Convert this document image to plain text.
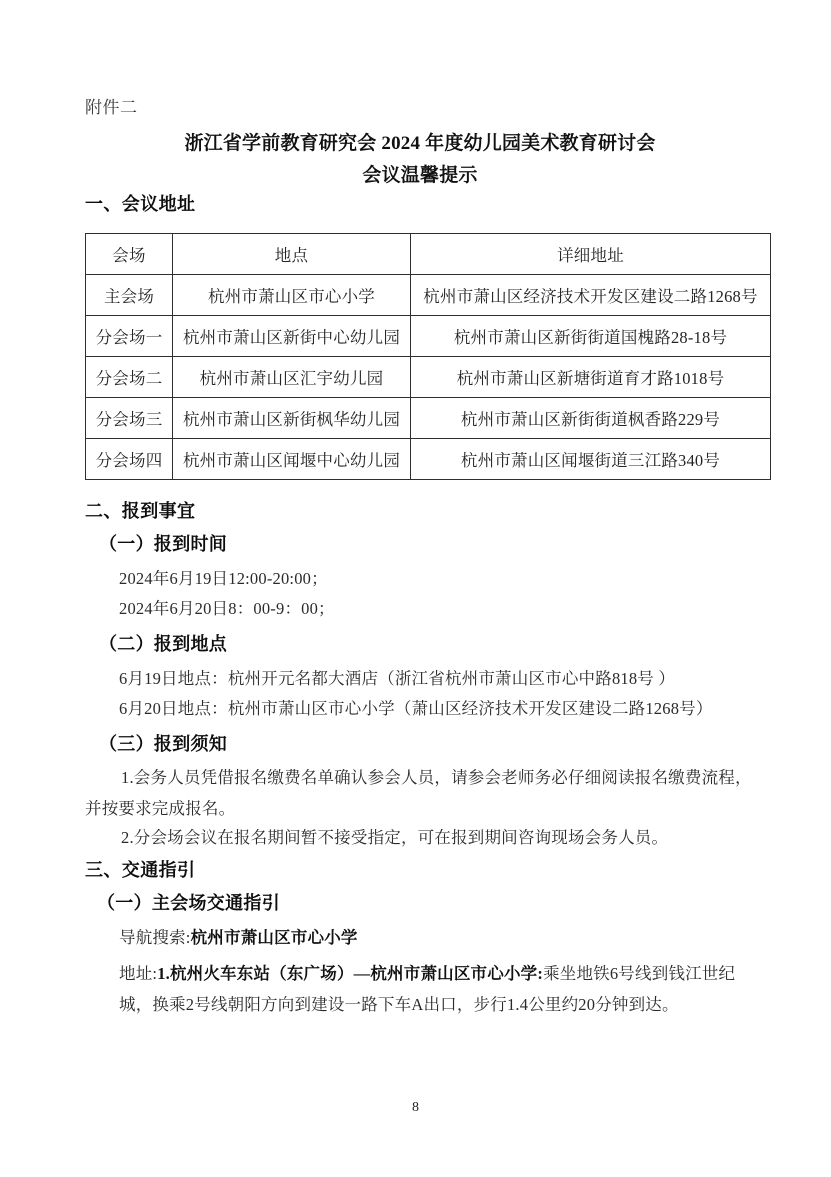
附件二
浙江省学前教育研究会 2024 年度幼儿园美术教育研讨会
会议温馨提示
一、会议地址
会场	地点	详细地址
主会场	杭州市萧山区市心小学	杭州市萧山区经济技术开发区建设二路1268号
分会场一	杭州市萧山区新街中心幼儿园	杭州市萧山区新街街道国槐路28-18号
分会场二	杭州市萧山区汇宇幼儿园	杭州市萧山区新塘街道育才路1018号
分会场三	杭州市萧山区新街枫华幼儿园	杭州市萧山区新街街道枫香路229号
分会场四	杭州市萧山区闻堰中心幼儿园	杭州市萧山区闻堰街道三江路340号
二、报到事宜
（一）报到时间
2024年6月19日12:00-20:00；
2024年6月20日8：00-9：00；
（二）报到地点
6月19日地点：杭州开元名都大酒店（浙江省杭州市萧山区市心中路818号 ）
6月20日地点：杭州市萧山区市心小学（萧山区经济技术开发区建设二路1268号）
（三）报到须知
1.会务人员凭借报名缴费名单确认参会人员，请参会老师务必仔细阅读报名缴费流程，并按要求完成报名。
2.分会场会议在报名期间暂不接受指定，可在报到期间咨询现场会务人员。
三、交通指引
（一）主会场交通指引
导航搜索:杭州市萧山区市心小学
地址:1.杭州火车东站（东广场）—杭州市萧山区市心小学:乘坐地铁6号线到钱江世纪城，换乘2号线朝阳方向到建设一路下车A出口，步行1.4公里约20分钟到达。
8
